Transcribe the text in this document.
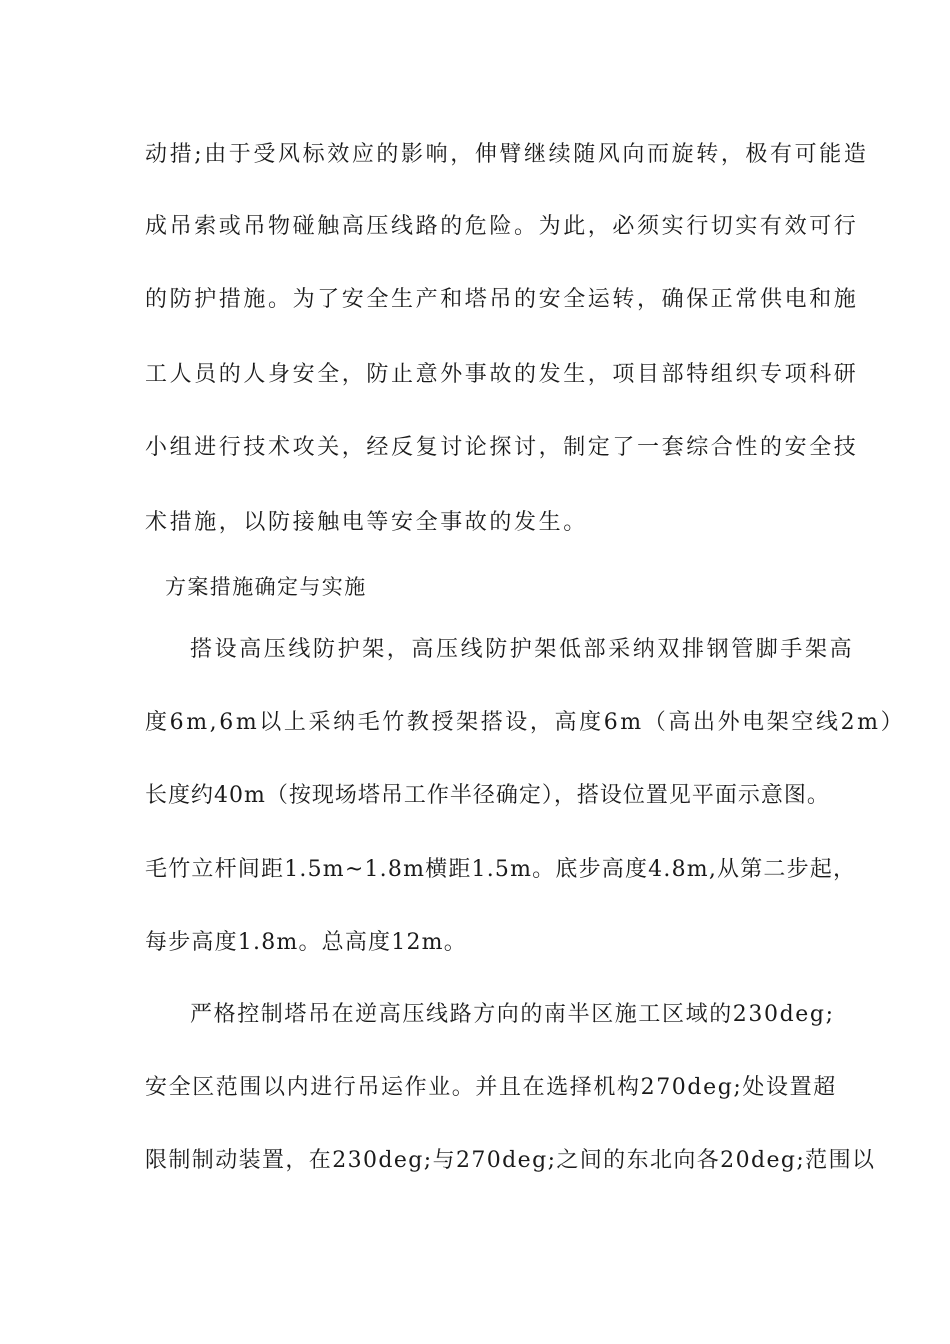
动措;由于受风标效应的影响，伸臂继续随风向而旋转，极有可能造

成吊索或吊物碰触高压线路的危险。为此，必须实行切实有效可行

的防护措施。为了安全生产和塔吊的安全运转，确保正常供电和施

工人员的人身安全，防止意外事故的发生，项目部特组织专项科研

小组进行技术攻关，经反复讨论探讨，制定了一套综合性的安全技

术措施，以防接触电等安全事故的发生。

方案措施确定与实施

搭设高压线防护架，高压线防护架低部采纳双排钢管脚手架高

度6m,6m以上采纳毛竹教授架搭设，高度6m（高出外电架空线2m）

长度约40m（按现场塔吊工作半径确定），搭设位置见平面示意图。

毛竹立杆间距1.5m~1.8m横距1.5m。底步高度4.8m,从第二步起，

每步高度1.8m。总高度12m。

严格控制塔吊在逆高压线路方向的南半区施工区域的230deg;

安全区范围以内进行吊运作业。并且在选择机构270deg;处设置超

限制制动装置，在230deg;与270deg;之间的东北向各20deg;范围以
